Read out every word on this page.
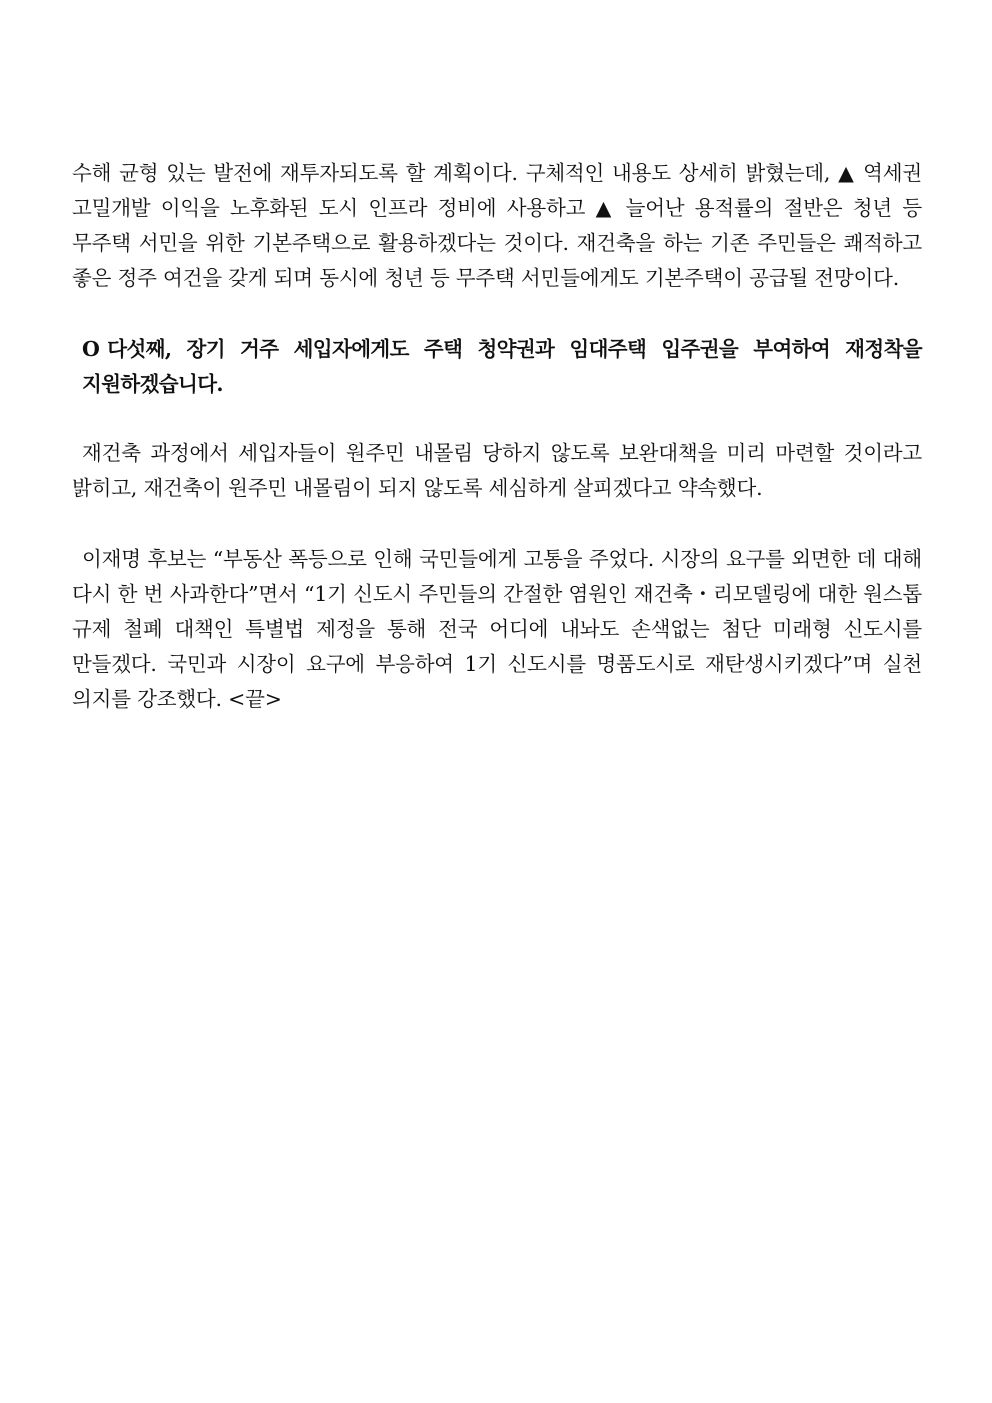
수해 균형 있는 발전에 재투자되도록 할 계획이다. 구체적인 내용도 상세히 밝혔는데, ▲ 역세권 고밀개발 이익을 노후화된 도시 인프라 정비에 사용하고 ▲ 늘어난 용적률의 절반은 청년 등 무주택 서민을 위한 기본주택으로 활용하겠다는 것이다. 재건축을 하는 기존 주민들은 쾌적하고 좋은 정주 여건을 갖게 되며 동시에 청년 등 무주택 서민들에게도 기본주택이 공급될 전망이다.

O 다섯째, 장기 거주 세입자에게도 주택 청약권과 임대주택 입주권을 부여하여 재정착을 지원하겠습니다.

재건축 과정에서 세입자들이 원주민 내몰림 당하지 않도록 보완대책을 미리 마련할 것이라고 밝히고, 재건축이 원주민 내몰림이 되지 않도록 세심하게 살피겠다고 약속했다.

이재명 후보는 “부동산 폭등으로 인해 국민들에게 고통을 주었다. 시장의 요구를 외면한 데 대해 다시 한 번 사과한다”면서 “1기 신도시 주민들의 간절한 염원인 재건축・리모델링에 대한 원스톱 규제 철폐 대책인 특별법 제정을 통해 전국 어디에 내놔도 손색없는 첨단 미래형 신도시를 만들겠다. 국민과 시장이 요구에 부응하여 1기 신도시를 명품도시로 재탄생시키겠다”며 실천 의지를 강조했다. <끝>
